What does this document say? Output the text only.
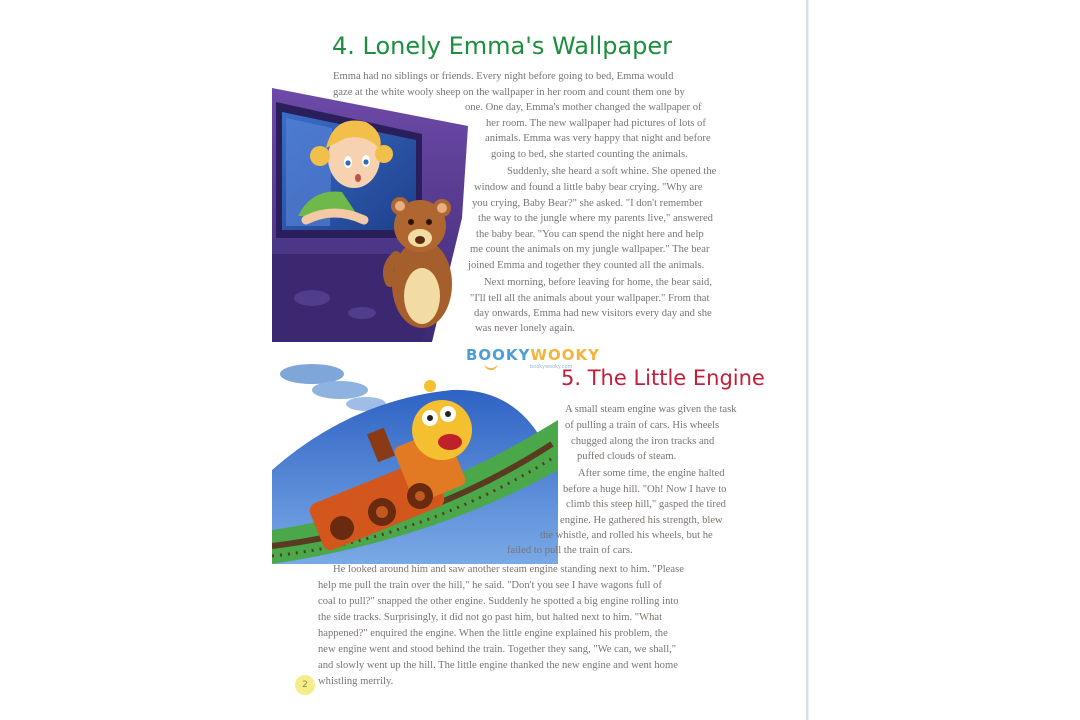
4. Lonely Emma's Wallpaper
Emma had no siblings or friends. Every night before going to bed, Emma would
gaze at the white wooly sheep on the wallpaper in her room and count them one by
one. One day, Emma's mother changed the wallpaper of
her room. The new wallpaper had pictures of lots of
animals. Emma was very happy that night and before
going to bed, she started counting the animals.
Suddenly, she heard a soft whine. She opened the
window and found a little baby bear crying. "Why are
you crying, Baby Bear?" she asked. "I don't remember
the way to the jungle where my parents live," answered
the baby bear. "You can spend the night here and help
me count the animals on my jungle wallpaper." The bear
joined Emma and together they counted all the animals.
Next morning, before leaving for home, the bear said,
"I'll tell all the animals about your wallpaper." From that
day onwards, Emma had new visitors every day and she
was never lonely again.
BOOKYWOOKY
bookywooky.com
5. The Little Engine
A small steam engine was given the task
of pulling a train of cars. His wheels
chugged along the iron tracks and
puffed clouds of steam.
After some time, the engine halted
before a huge hill. "Oh! Now I have to
climb this steep hill," gasped the tired
engine. He gathered his strength, blew
the whistle, and rolled his wheels, but he
failed to pull the train of cars.
He looked around him and saw another steam engine standing next to him. "Please
help me pull the train over the hill," he said. "Don't you see I have wagons full of
coal to pull?" snapped the other engine. Suddenly he spotted a big engine rolling into
the side tracks. Surprisingly, it did not go past him, but halted next to him. "What
happened?" enquired the engine. When the little engine explained his problem, the
new engine went and stood behind the train. Together they sang, "We can, we shall,"
and slowly went up the hill. The little engine thanked the new engine and went home
whistling merrily.
2
